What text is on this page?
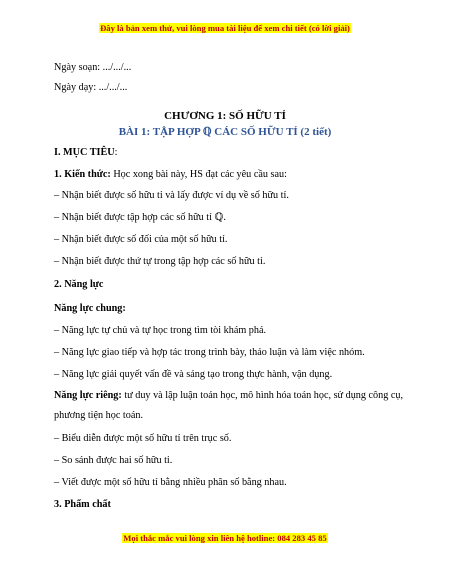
Đây là bản xem thử, vui lòng mua tài liệu để xem chi tiết (có lời giải)
Ngày soạn: .../.../...
Ngày dạy: .../.../...
CHƯƠNG 1: SỐ HỮU TỈ
BÀI 1: TẬP HỢP ℚ CÁC SỐ HỮU TỈ (2 tiết)
I. MỤC TIÊU:
1. Kiến thức: Học xong bài này, HS đạt các yêu cầu sau:
– Nhận biết được số hữu tỉ và lấy được ví dụ về số hữu tỉ.
– Nhận biết được tập hợp các số hữu tỉ ℚ.
– Nhận biết được số đối của một số hữu tỉ.
– Nhận biết được thứ tự trong tập hợp các số hữu tỉ.
2. Năng lực
Năng lực chung:
– Năng lực tự chủ và tự học trong tìm tòi khám phá.
– Năng lực giao tiếp và hợp tác trong trình bày, thảo luận và làm việc nhóm.
– Năng lực giải quyết vấn đề và sáng tạo trong thực hành, vận dụng.
Năng lực riêng: tư duy và lập luận toán học, mô hình hóa toán học, sử dụng công cụ, phương tiện học toán.
– Biểu diễn được một số hữu tỉ trên trục số.
– So sánh được hai số hữu tỉ.
– Viết được một số hữu tỉ bằng nhiều phân số bằng nhau.
3. Phẩm chất
Mọi thắc mắc vui lòng xin liên hệ hotline: 084 283 45 85
